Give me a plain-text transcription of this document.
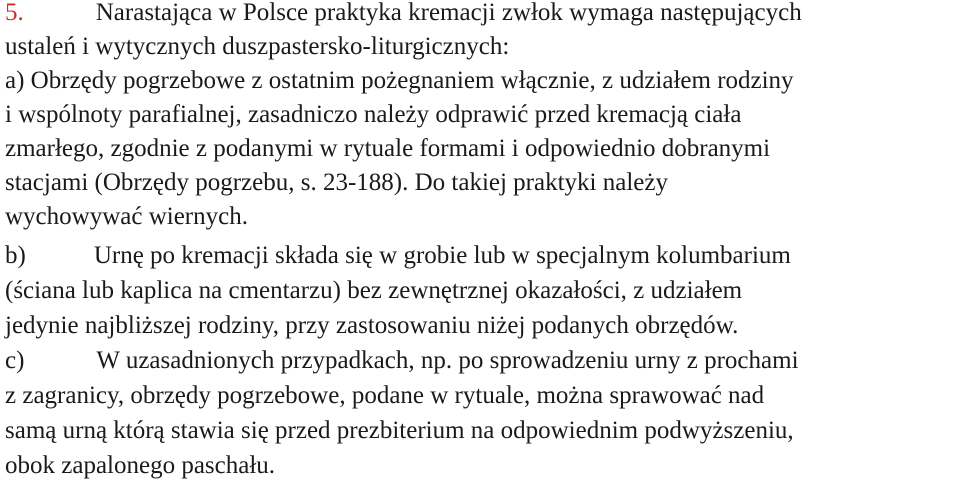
5.	Narastająca w Polsce praktyka kremacji zwłok wymaga następujących
ustaleń i wytycznych duszpastersko-liturgicznych:
a) Obrzędy pogrzebowe z ostatnim pożegnaniem włącznie, z udziałem rodziny
i wspólnoty parafialnej, zasadniczo należy odprawić przed kremacją ciała
zmarłego, zgodnie z podanymi w rytuale formami i odpowiednio dobranymi
stacjami (Obrzędy pogrzebu, s. 23-188). Do takiej praktyki należy
wychowywać wiernych.
b)	Urnę po kremacji składa się w grobie lub w specjalnym kolumbarium
(ściana lub kaplica na cmentarzu) bez zewnętrznej okazałości, z udziałem
jedynie najbliższej rodziny, przy zastosowaniu niżej podanych obrzędów.
c)	W uzasadnionych przypadkach, np. po sprowadzeniu urny z prochami
z zagranicy, obrzędy pogrzebowe, podane w rytuale, można sprawować nad
samą urną którą stawia się przed prezbiterium na odpowiednim podwyższeniu,
obok zapalonego paschału.
